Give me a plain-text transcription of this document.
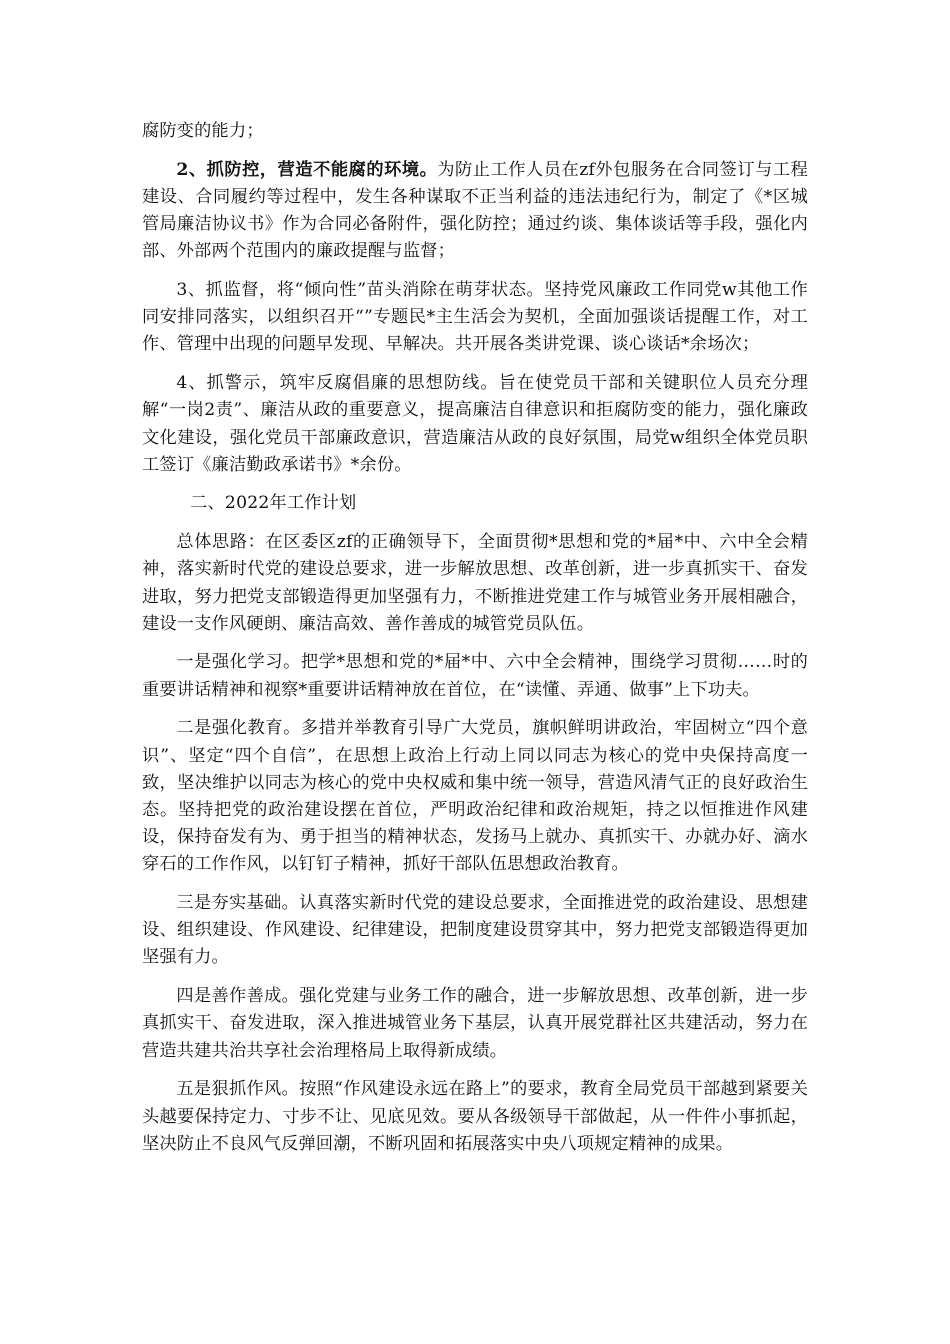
腐防变的能力；

2、抓防控，营造不能腐的环境。为防止工作人员在zf外包服务在合同签订与工程建设、合同履约等过程中，发生各种谋取不正当利益的违法违纪行为，制定了《*区城管局廉洁协议书》作为合同必备附件，强化防控；通过约谈、集体谈话等手段，强化内部、外部两个范围内的廉政提醒与监督；

3、抓监督，将“倾向性”苗头消除在萌芽状态。坚持党风廉政工作同党w其他工作同安排同落实，以组织召开“”专题民*主生活会为契机，全面加强谈话提醒工作，对工作、管理中出现的问题早发现、早解决。共开展各类讲党课、谈心谈话*余场次；

4、抓警示，筑牢反腐倡廉的思想防线。旨在使党员干部和关键职位人员充分理解“一岗2责”、廉洁从政的重要意义，提高廉洁自律意识和拒腐防变的能力，强化廉政文化建设，强化党员干部廉政意识，营造廉洁从政的良好氛围，局党w组织全体党员职工签订《廉洁勤政承诺书》*余份。

二、2022年工作计划

总体思路：在区委区zf的正确领导下，全面贯彻*思想和党的*届*中、六中全会精神，落实新时代党的建设总要求，进一步解放思想、改革创新，进一步真抓实干、奋发进取，努力把党支部锻造得更加坚强有力，不断推进党建工作与城管业务开展相融合，建设一支作风硬朗、廉洁高效、善作善成的城管党员队伍。

一是强化学习。把学*思想和党的*届*中、六中全会精神，围绕学习贯彻……时的重要讲话精神和视察*重要讲话精神放在首位，在“读懂、弄通、做事”上下功夫。

二是强化教育。多措并举教育引导广大党员，旗帜鲜明讲政治，牢固树立“四个意识”、坚定“四个自信”，在思想上政治上行动上同以同志为核心的党中央保持高度一致，坚决维护以同志为核心的党中央权威和集中统一领导，营造风清气正的良好政治生态。坚持把党的政治建设摆在首位，严明政治纪律和政治规矩，持之以恒推进作风建设，保持奋发有为、勇于担当的精神状态，发扬马上就办、真抓实干、办就办好、滴水穿石的工作作风，以钉钉子精神，抓好干部队伍思想政治教育。

三是夯实基础。认真落实新时代党的建设总要求，全面推进党的政治建设、思想建设、组织建设、作风建设、纪律建设，把制度建设贯穿其中，努力把党支部锻造得更加坚强有力。

四是善作善成。强化党建与业务工作的融合，进一步解放思想、改革创新，进一步真抓实干、奋发进取，深入推进城管业务下基层，认真开展党群社区共建活动，努力在营造共建共治共享社会治理格局上取得新成绩。

五是狠抓作风。按照“作风建设永远在路上”的要求，教育全局党员干部越到紧要关头越要保持定力、寸步不让、见底见效。要从各级领导干部做起，从一件件小事抓起，坚决防止不良风气反弹回潮，不断巩固和拓展落实中央八项规定精神的成果。
